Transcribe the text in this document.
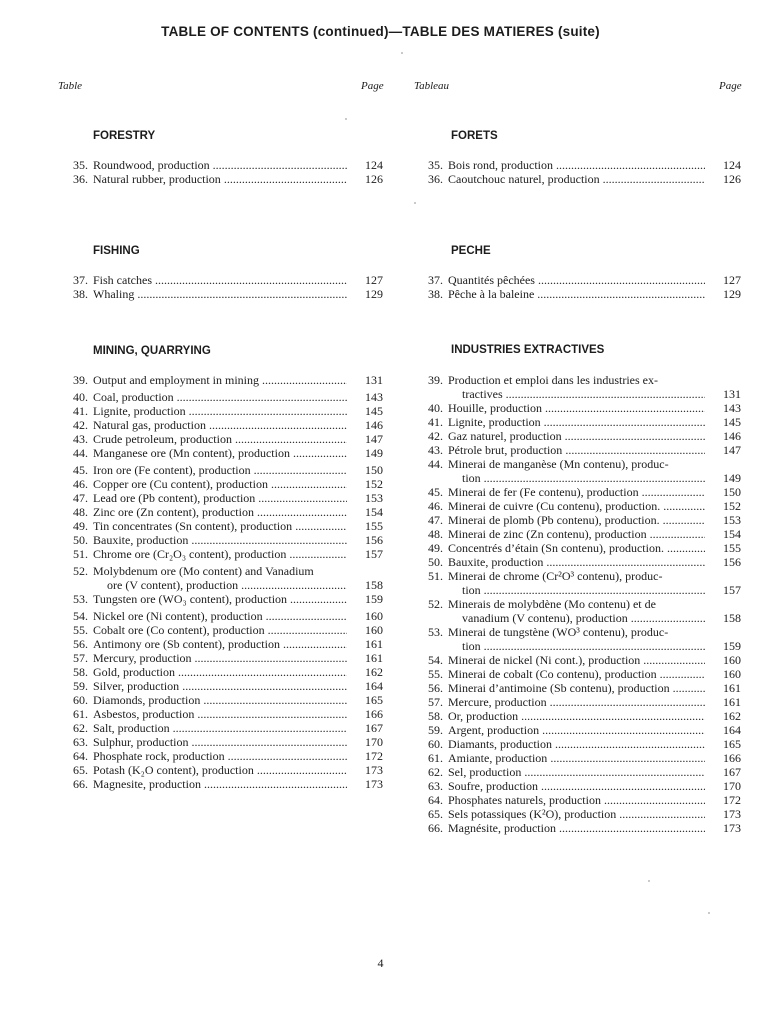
TABLE OF CONTENTS (continued)—TABLE DES MATIERES (suite)
Table	Page	Tableau	Page
FORESTRY
FISHING
MINING, QUARRYING
FORETS
PECHE
INDUSTRIES EXTRACTIVES
35. Roundwood, production .....	124
36. Natural rubber, production .....	126
37. Fish catches .....	127
38. Whaling .....	129
39. Output and employment in mining .....	131
40. Coal, production .....	143
41. Lignite, production .....	145
42. Natural gas, production .....	146
43. Crude petroleum, production .....	147
44. Manganese ore (Mn content), production .....	149
45. Iron ore (Fe content), production .....	150
46. Copper ore (Cu content), production .....	152
47. Lead ore (Pb content), production .....	153
48. Zinc ore (Zn content), production .....	154
49. Tin concentrates (Sn content), production .....	155
50. Bauxite, production .....	156
51. Chrome ore (Cr₂O₃ content), production .....	157
52. Molybdenum ore (Mo content) and Vanadium
ore (V content), production .....	158
53. Tungsten ore (WO₃ content), production .....	159
54. Nickel ore (Ni content), production .....	160
55. Cobalt ore (Co content), production .....	160
56. Antimony ore (Sb content), production .....	161
57. Mercury, production .....	161
58. Gold, production .....	162
59. Silver, production .....	164
60. Diamonds, production .....	165
61. Asbestos, production .....	166
62. Salt, production .....	167
63. Sulphur, production .....	170
64. Phosphate rock, production .....	172
65. Potash (K₂O content), production .....	173
66. Magnesite, production .....	173
35. Bois rond, production .....	124
36. Caoutchouc naturel, production .....	126
37. Quantités pêchées .....	127
38. Pêche à la baleine .....	129
39. Production et emploi dans les industries ex-
tractives .....	131
40. Houille, production .....	143
41. Lignite, production .....	145
42. Gaz naturel, production .....	146
43. Pétrole brut, production .....	147
44. Minerai de manganèse (Mn contenu), produc-
tion .....	149
45. Minerai de fer (Fe contenu), production .....	150
46. Minerai de cuivre (Cu contenu), production. .....	152
47. Minerai de plomb (Pb contenu), production. .....	153
48. Minerai de zinc (Zn contenu), production .....	154
49. Concentrés d’étain (Sn contenu), production. .....	155
50. Bauxite, production .....	156
51. Minerai de chrome (Cr²O³ contenu), produc-
tion .....	157
52. Minerais de molybdène (Mo contenu) et de
vanadium (V contenu), production .....	158
53. Minerai de tungstène (WO³ contenu), produc-
tion .....	159
54. Minerai de nickel (Ni cont.), production .....	160
55. Minerai de cobalt (Co contenu), production .....	160
56. Minerai d’antimoine (Sb contenu), production .....	161
57. Mercure, production .....	161
58. Or, production .....	162
59. Argent, production .....	164
60. Diamants, production .....	165
61. Amiante, production .....	166
62. Sel, production .....	167
63. Soufre, production .....	170
64. Phosphates naturels, production .....	172
65. Sels potassiques (K²O), production .....	173
66. Magnésite, production .....	173
4
